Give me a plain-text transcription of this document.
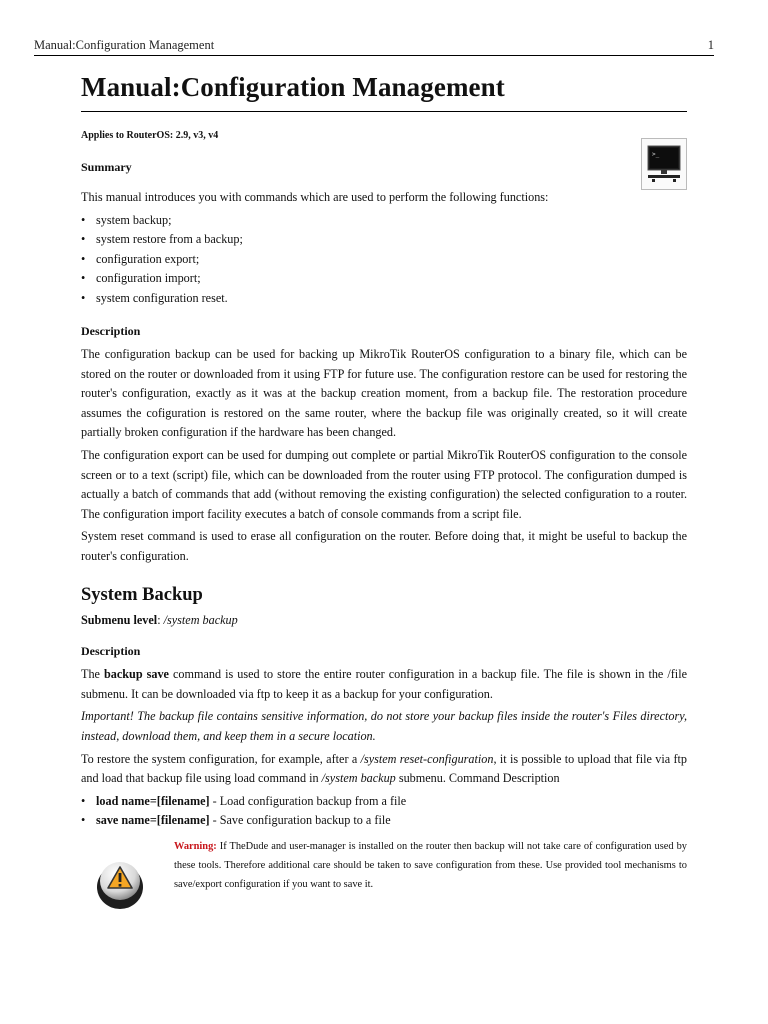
Manual:Configuration Management	1
Manual:Configuration Management
Applies to RouterOS: 2.9, v3, v4
>_
Summary

This manual introduces you with commands which are used to perform the following functions:

• system backup;
• system restore from a backup;
• configuration export;
• configuration import;
• system configuration reset.
Description

The configuration backup can be used for backing up MikroTik RouterOS configuration to a binary file, which can be stored on the router or downloaded from it using FTP for future use. The configuration restore can be used for restoring the router's configuration, exactly as it was at the backup creation moment, from a backup file. The restoration procedure assumes the cofiguration is restored on the same router, where the backup file was originally created, so it will create partially broken configuration if the hardware has been changed.

The configuration export can be used for dumping out complete or partial MikroTik RouterOS configuration to the console screen or to a text (script) file, which can be downloaded from the router using FTP protocol. The configuration dumped is actually a batch of commands that add (without removing the existing configuration) the selected configuration to a router. The configuration import facility executes a batch of console commands from a script file.

System reset command is used to erase all configuration on the router. Before doing that, it might be useful to backup the router's configuration.

System Backup

Submenu level: /system backup

Description

The backup save command is used to store the entire router configuration in a backup file. The file is shown in the /file submenu. It can be downloaded via ftp to keep it as a backup for your configuration.

Important! The backup file contains sensitive information, do not store your backup files inside the router's Files directory, instead, download them, and keep them in a secure location.

To restore the system configuration, for example, after a /system reset-configuration, it is possible to upload that file via ftp and load that backup file using load command in /system backup submenu. Command Description

• load name=[filename] - Load configuration backup from a file
• save name=[filename] - Save configuration backup to a file
Warning: If TheDude and user-manager is installed on the router then backup will not take care of configuration used by these tools. Therefore additional care should be taken to save configuration from these. Use provided tool mechanisms to save/export configuration if you want to save it.
